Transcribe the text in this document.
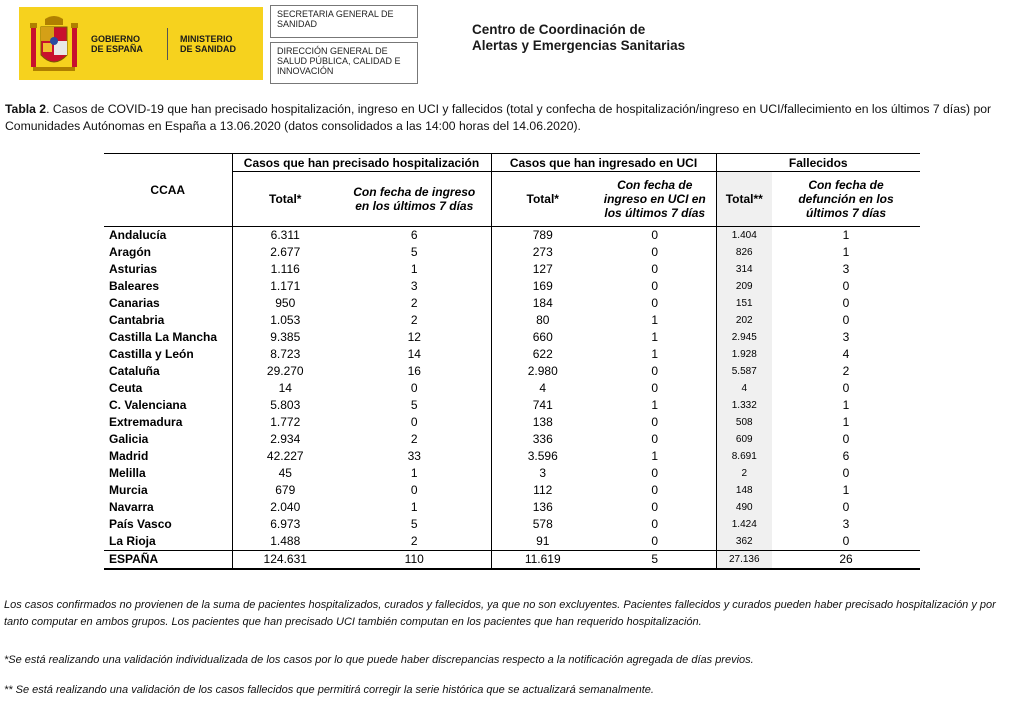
GOBIERNO
DE ESPAÑA
MINISTERIO
DE SANIDAD
SECRETARIA GENERAL DE SANIDAD
DIRECCIÓN GENERAL DE SALUD PÚBLICA, CALIDAD E INNOVACIÓN
Centro de Coordinación de Alertas y Emergencias Sanitarias
Tabla 2. Casos de COVID-19 que han precisado hospitalización, ingreso en UCI y fallecidos (total y confecha de hospitalización/ingreso en UCI/fallecimiento en los últimos 7 días) por Comunidades Autónomas en España a 13.06.2020 (datos consolidados a las 14:00 horas del 14.06.2020).
CCAA	Casos que han precisado hospitalización		Casos que han ingresado en UCI		Fallecidos	
	Total*	Con fecha de ingreso en los últimos 7 días	Total*	Con fecha de ingreso en UCI en los últimos 7 días	Total**	Con fecha de defunción en los últimos 7 días
Andalucía	6.311	6	789	0	1.404	1
Aragón	2.677	5	273	0	826	1
Asturias	1.116	1	127	0	314	3
Baleares	1.171	3	169	0	209	0
Canarias	950	2	184	0	151	0
Cantabria	1.053	2	80	1	202	0
Castilla La Mancha	9.385	12	660	1	2.945	3
Castilla y León	8.723	14	622	1	1.928	4
Cataluña	29.270	16	2.980	0	5.587	2
Ceuta	14	0	4	0	4	0
C. Valenciana	5.803	5	741	1	1.332	1
Extremadura	1.772	0	138	0	508	1
Galicia	2.934	2	336	0	609	0
Madrid	42.227	33	3.596	1	8.691	6
Melilla	45	1	3	0	2	0
Murcia	679	0	112	0	148	1
Navarra	2.040	1	136	0	490	0
País Vasco	6.973	5	578	0	1.424	3
La Rioja	1.488	2	91	0	362	0
ESPAÑA	124.631	110	11.619	5	27.136	26
Los casos confirmados no provienen de la suma de pacientes hospitalizados, curados y fallecidos, ya que no son excluyentes. Pacientes fallecidos y curados pueden haber precisado hospitalización y por tanto computar en ambos grupos. Los pacientes que han precisado UCI también computan en los pacientes que han requerido hospitalización.
*Se está realizando una validación individualizada de los casos por lo que puede haber discrepancias respecto a la notificación agregada de días previos.
** Se está realizando una validación de los casos fallecidos que permitirá corregir la serie histórica que se actualizará semanalmente.
